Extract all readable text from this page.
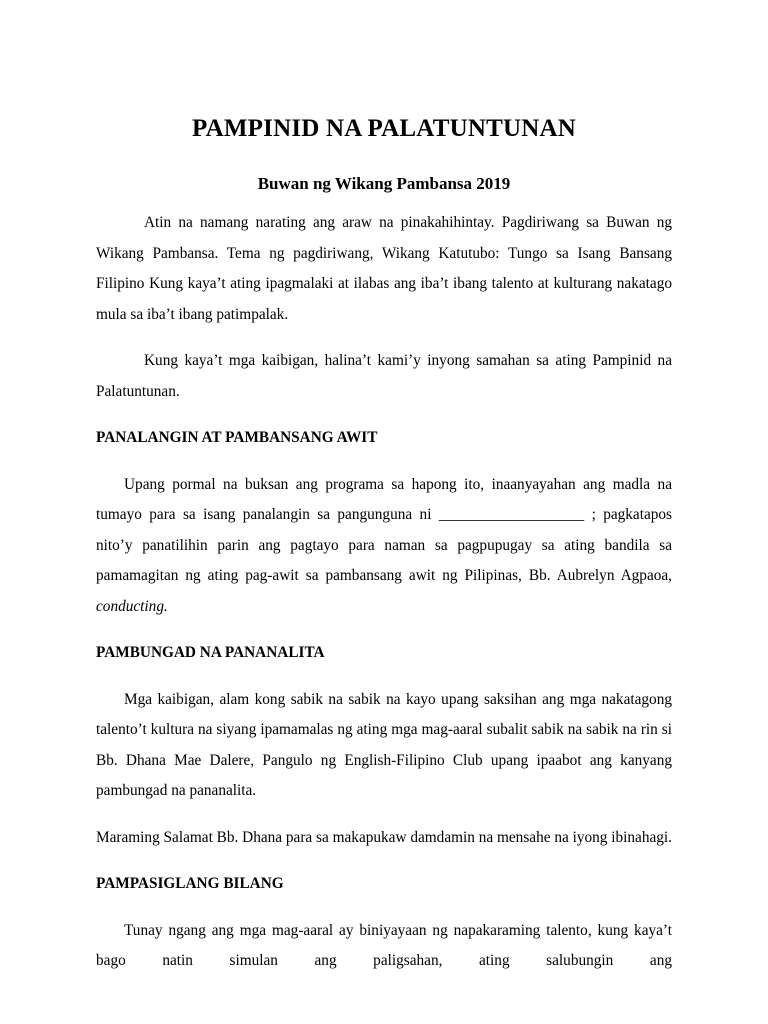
PAMPINID NA PALATUNTUNAN
Buwan ng Wikang Pambansa 2019

Atin na namang narating ang araw na pinakahihintay. Pagdiriwang sa Buwan ng Wikang Pambansa. Tema ng pagdiriwang, Wikang Katutubo: Tungo sa Isang Bansang Filipino Kung kaya’t ating ipagmalaki at ilabas ang iba’t ibang talento at kulturang nakatago mula sa iba’t ibang patimpalak.

Kung kaya’t mga kaibigan, halina’t kami’y inyong samahan sa ating Pampinid na Palatuntunan.

PANALANGIN AT PAMBANSANG AWIT

Upang pormal na buksan ang programa sa hapong ito, inaanyayahan ang madla na tumayo para sa isang panalangin sa pangunguna ni ___________________ ; pagkatapos nito’y panatilihin parin ang pagtayo para naman sa pagpupugay sa ating bandila sa pamamagitan ng ating pag-awit sa pambansang awit ng Pilipinas, Bb. Aubrelyn Agpaoa, conducting.

PAMBUNGAD NA PANANALITA

Mga kaibigan, alam kong sabik na sabik na kayo upang saksihan ang mga nakatagong talento’t kultura na siyang ipamamalas ng ating mga mag-aaral subalit sabik na sabik na rin si Bb. Dhana Mae Dalere, Pangulo ng English-Filipino Club upang ipaabot ang kanyang pambungad na pananalita.

Maraming Salamat Bb. Dhana para sa makapukaw damdamin na mensahe na iyong ibinahagi.

PAMPASIGLANG BILANG

Tunay ngang ang mga mag-aaral ay biniyayaan ng napakaraming talento, kung kaya’t bago natin simulan ang paligsahan, ating salubungin ang
